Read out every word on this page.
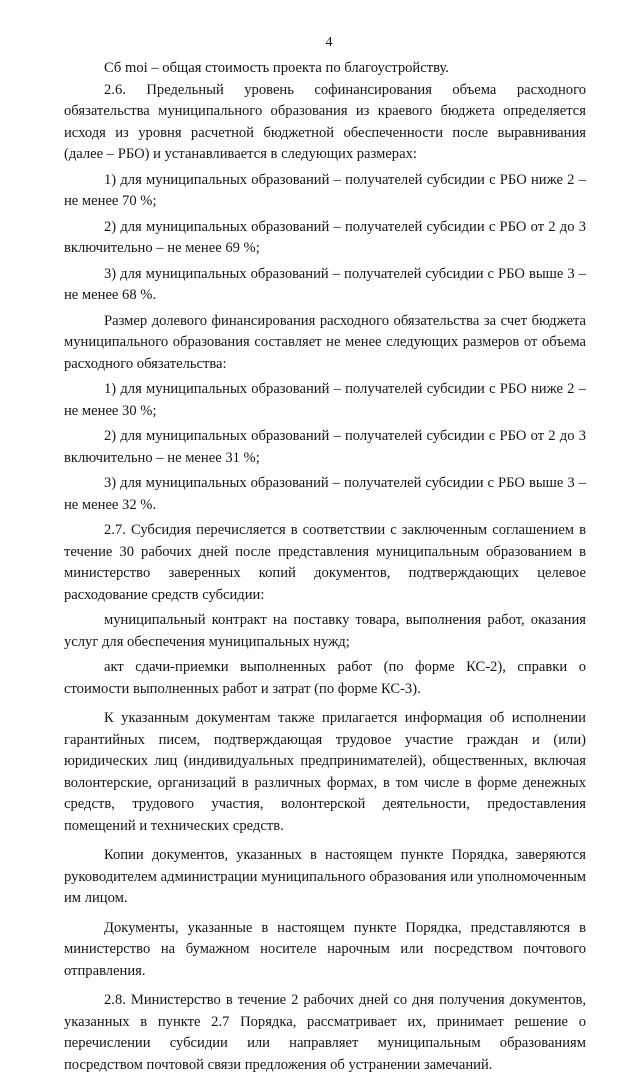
4

Сб moi – общая стоимость проекта по благоустройству.

2.6. Предельный уровень софинансирования объема расходного обязательства муниципального образования из краевого бюджета определяется исходя из уровня расчетной бюджетной обеспеченности после выравнивания (далее – РБО) и устанавливается в следующих размерах:

1) для муниципальных образований – получателей субсидии с РБО ниже 2 – не менее 70 %;

2) для муниципальных образований – получателей субсидии с РБО от 2 до 3 включительно – не менее 69 %;

3) для муниципальных образований – получателей субсидии с РБО выше 3 – не менее 68 %.

Размер долевого финансирования расходного обязательства за счет бюджета муниципального образования составляет не менее следующих размеров от объема расходного обязательства:

1) для муниципальных образований – получателей субсидии с РБО ниже 2 – не менее 30 %;

2) для муниципальных образований – получателей субсидии с РБО от 2 до 3 включительно – не менее 31 %;

3) для муниципальных образований – получателей субсидии с РБО выше 3 – не менее 32 %.

2.7. Субсидия перечисляется в соответствии с заключенным соглашением в течение 30 рабочих дней после представления муниципальным образованием в министерство заверенных копий документов, подтверждающих целевое расходование средств субсидии:

муниципальный контракт на поставку товара, выполнения работ, оказания услуг для обеспечения муниципальных нужд;

акт сдачи-приемки выполненных работ (по форме КС-2), справки о стоимости выполненных работ и затрат (по форме КС-3).

К указанным документам также прилагается информация об исполнении гарантийных писем, подтверждающая трудовое участие граждан и (или) юридических лиц (индивидуальных предпринимателей), общественных, включая волонтерские, организаций в различных формах, в том числе в форме денежных средств, трудового участия, волонтерской деятельности, предоставления помещений и технических средств.

Копии документов, указанных в настоящем пункте Порядка, заверяются руководителем администрации муниципального образования или уполномоченным им лицом.

Документы, указанные в настоящем пункте Порядка, представляются в министерство на бумажном носителе нарочным или посредством почтового отправления.

2.8. Министерство в течение 2 рабочих дней со дня получения документов, указанных в пункте 2.7 Порядка, рассматривает их, принимает решение о перечислении субсидии или направляет муниципальным образованиям посредством почтовой связи предложения об устранении замечаний.
